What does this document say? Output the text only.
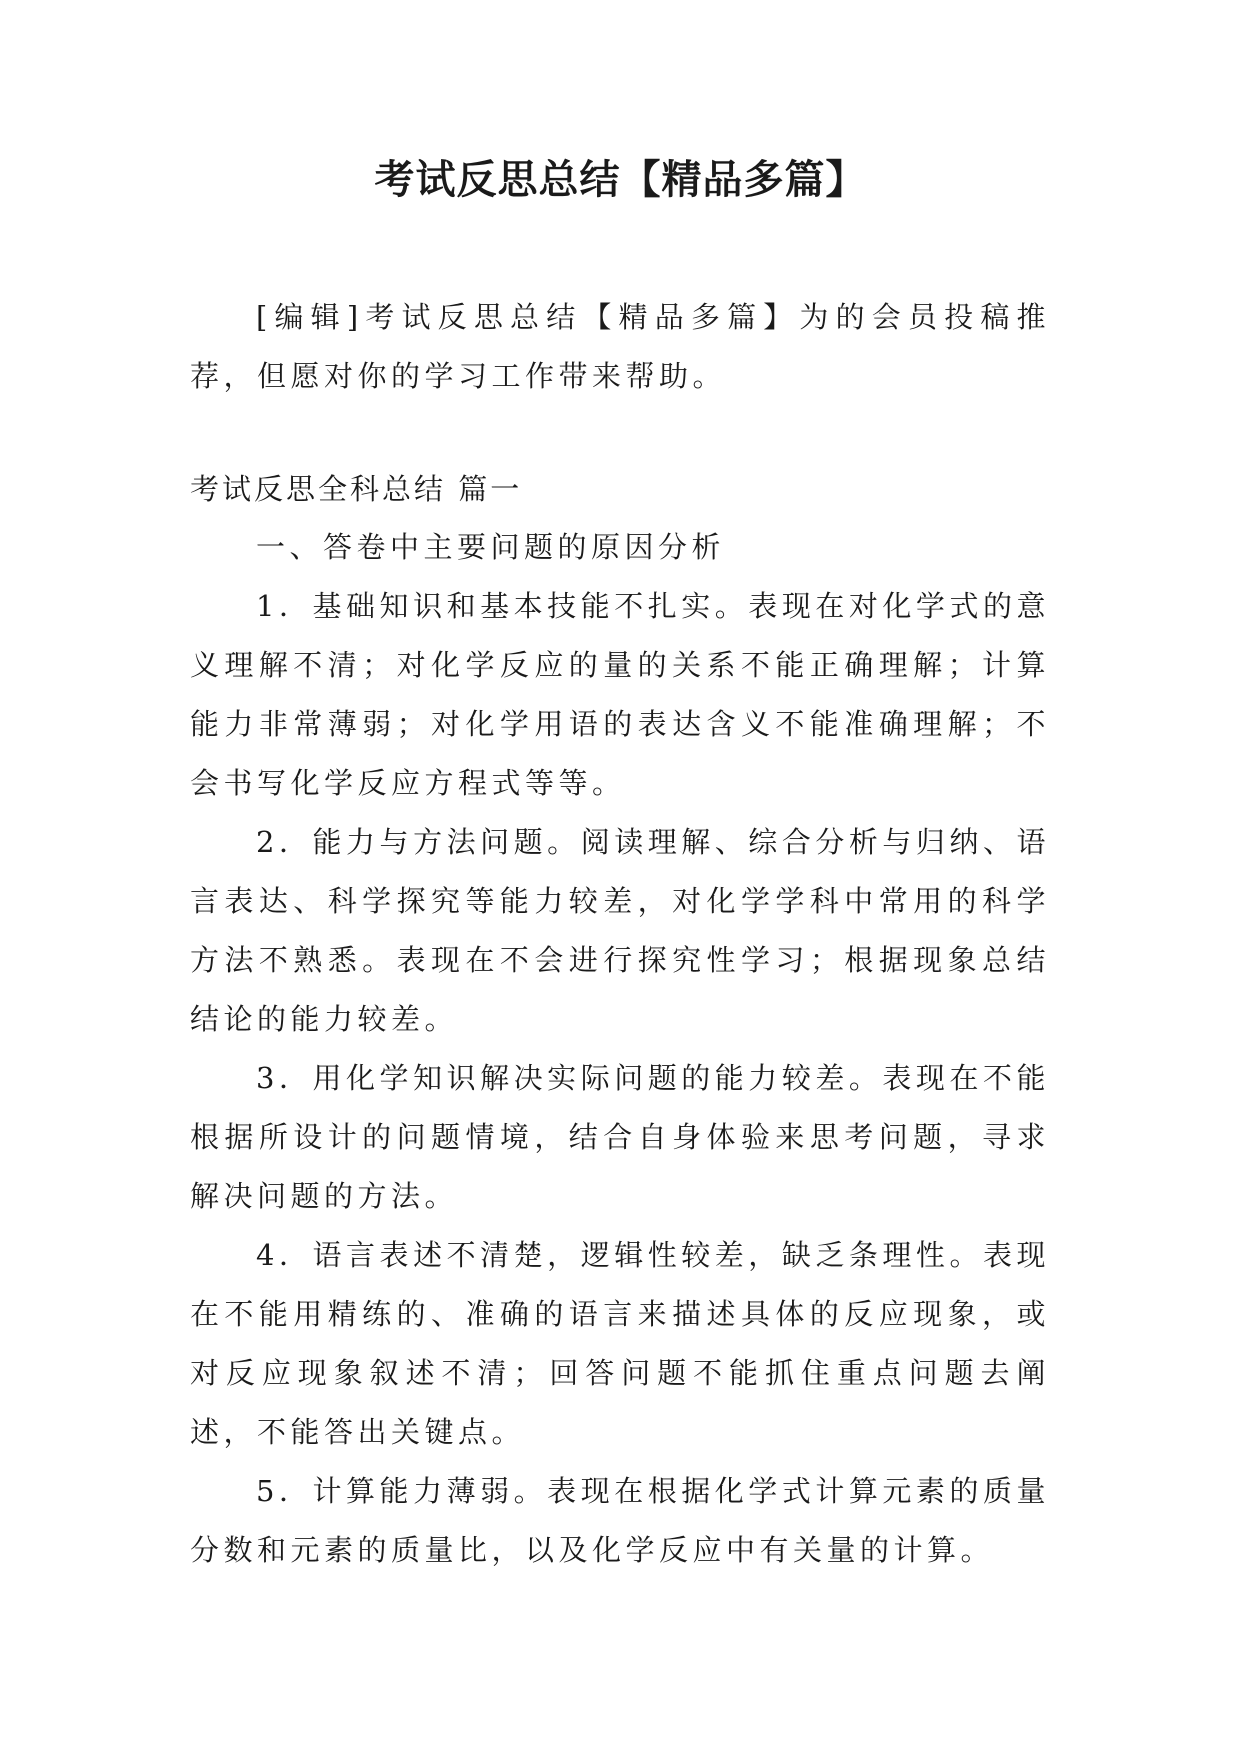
考试反思总结【精品多篇】

[编辑]考试反思总结【精品多篇】为的会员投稿推荐，但愿对你的学习工作带来帮助。

考试反思全科总结 篇一

一、答卷中主要问题的原因分析

1．基础知识和基本技能不扎实。表现在对化学式的意义理解不清；对化学反应的量的关系不能正确理解；计算能力非常薄弱；对化学用语的表达含义不能准确理解；不会书写化学反应方程式等等。

2．能力与方法问题。阅读理解、综合分析与归纳、语言表达、科学探究等能力较差，对化学学科中常用的科学方法不熟悉。表现在不会进行探究性学习；根据现象总结结论的能力较差。

3．用化学知识解决实际问题的能力较差。表现在不能根据所设计的问题情境，结合自身体验来思考问题，寻求解决问题的方法。

4．语言表述不清楚，逻辑性较差，缺乏条理性。表现在不能用精练的、准确的语言来描述具体的反应现象，或对反应现象叙述不清；回答问题不能抓住重点问题去阐述，不能答出关键点。

5．计算能力薄弱。表现在根据化学式计算元素的质量分数和元素的质量比，以及化学反应中有关量的计算。
